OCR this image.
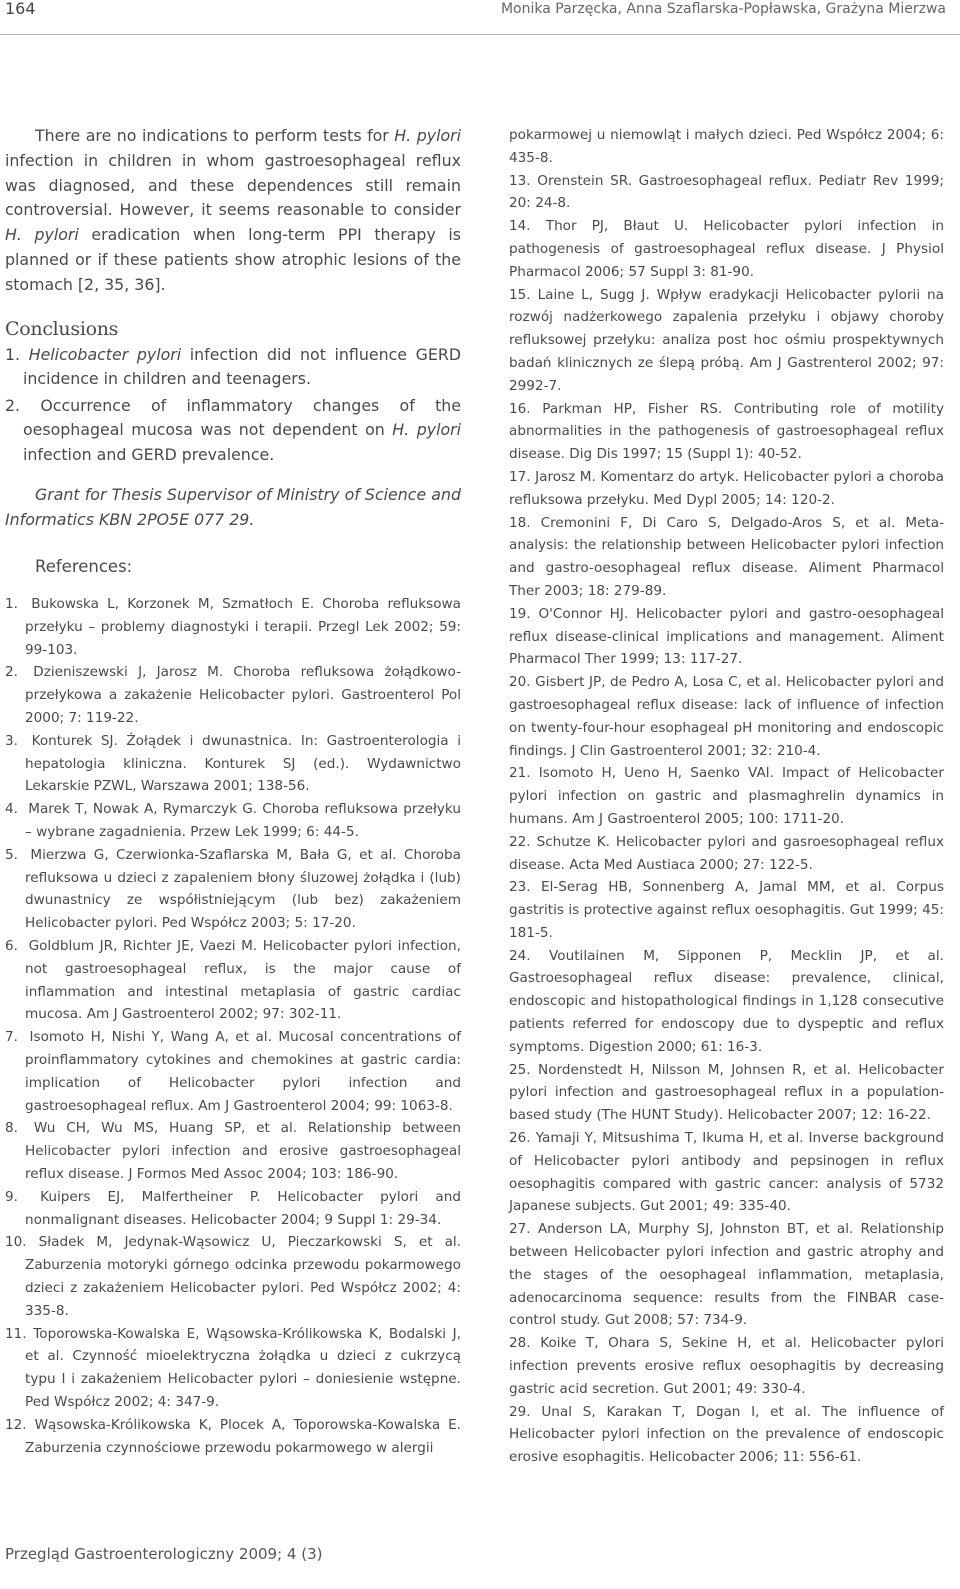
164	Monika Parzęcka, Anna Szaflarska-Popławska, Grażyna Mierzwa

There are no indications to perform tests for H. pylori infection in children in whom gastroesophageal reflux was diagnosed, and these dependences still remain controversial. However, it seems reasonable to consider H. pylori eradication when long-term PPI therapy is planned or if these patients show atrophic lesions of the stomach [2, 35, 36].

Conclusions
1. Helicobacter pylori infection did not influence GERD incidence in children and teenagers.
2. Occurrence of inflammatory changes of the oesophageal mucosa was not dependent on H. pylori infection and GERD prevalence.

Grant for Thesis Supervisor of Ministry of Science and Informatics KBN 2PO5E 077 29.

References:
1. Bukowska L, Korzonek M, Szmatłoch E. Choroba refluksowa przełyku – problemy diagnostyki i terapii. Przegl Lek 2002; 59: 99-103.
2. Dzieniszewski J, Jarosz M. Choroba refluksowa żołądkowo-przełykowa a zakażenie Helicobacter pylori. Gastroenterol Pol 2000; 7: 119-22.
3. Konturek SJ. Żołądek i dwunastnica. In: Gastroenterologia i hepatologia kliniczna. Konturek SJ (ed.). Wydawnictwo Lekarskie PZWL, Warszawa 2001; 138-56.
4. Marek T, Nowak A, Rymarczyk G. Choroba refluksowa przełyku – wybrane zagadnienia. Przew Lek 1999; 6: 44-5.
5. Mierzwa G, Czerwionka-Szaflarska M, Bała G, et al. Choroba refluksowa u dzieci z zapaleniem błony śluzowej żołądka i (lub) dwunastnicy ze współistniejącym (lub bez) zakażeniem Helicobacter pylori. Ped Współcz 2003; 5: 17-20.
6. Goldblum JR, Richter JE, Vaezi M. Helicobacter pylori infection, not gastroesophageal reflux, is the major cause of inflammation and intestinal metaplasia of gastric cardiac mucosa. Am J Gastroenterol 2002; 97: 302-11.
7. Isomoto H, Nishi Y, Wang A, et al. Mucosal concentrations of proinflammatory cytokines and chemokines at gastric cardia: implication of Helicobacter pylori infection and gastroesophageal reflux. Am J Gastroenterol 2004; 99: 1063-8.
8. Wu CH, Wu MS, Huang SP, et al. Relationship between Helicobacter pylori infection and erosive gastroesophageal reflux disease. J Formos Med Assoc 2004; 103: 186-90.
9. Kuipers EJ, Malfertheiner P. Helicobacter pylori and nonmalignant diseases. Helicobacter 2004; 9 Suppl 1: 29-34.
10. Sładek M, Jedynak-Wąsowicz U, Pieczarkowski S, et al. Zaburzenia motoryki górnego odcinka przewodu pokarmowego dzieci z zakażeniem Helicobacter pylori. Ped Współcz 2002; 4: 335-8.
11. Toporowska-Kowalska E, Wąsowska-Królikowska K, Bodalski J, et al. Czynność mioelektryczna żołądka u dzieci z cukrzycą typu I i zakażeniem Helicobacter pylori – doniesienie wstępne. Ped Współcz 2002; 4: 347-9.
12. Wąsowska-Królikowska K, Plocek A, Toporowska-Kowalska E. Zaburzenia czynnościowe przewodu pokarmowego w alergii
pokarmowej u niemowląt i małych dzieci. Ped Współcz 2004; 6: 435-8.
13. Orenstein SR. Gastroesophageal reflux. Pediatr Rev 1999; 20: 24-8.
14. Thor PJ, Błaut U. Helicobacter pylori infection in pathogenesis of gastroesophageal reflux disease. J Physiol Pharmacol 2006; 57 Suppl 3: 81-90.
15. Laine L, Sugg J. Wpływ eradykacji Helicobacter pylorii na rozwój nadżerkowego zapalenia przełyku i objawy choroby refluksowej przełyku: analiza post hoc ośmiu prospektywnych badań klinicznych ze ślepą próbą. Am J Gastrenterol 2002; 97: 2992-7.
16. Parkman HP, Fisher RS. Contributing role of motility abnormalities in the pathogenesis of gastroesophageal reflux disease. Dig Dis 1997; 15 (Suppl 1): 40-52.
17. Jarosz M. Komentarz do artyk. Helicobacter pylori a choroba refluksowa przełyku. Med Dypl 2005; 14: 120-2.
18. Cremonini F, Di Caro S, Delgado-Aros S, et al. Meta-analysis: the relationship between Helicobacter pylori infection and gastro-oesophageal reflux disease. Aliment Pharmacol Ther 2003; 18: 279-89.
19. O'Connor HJ. Helicobacter pylori and gastro-oesophageal reflux disease-clinical implications and management. Aliment Pharmacol Ther 1999; 13: 117-27.
20. Gisbert JP, de Pedro A, Losa C, et al. Helicobacter pylori and gastroesophageal reflux disease: lack of influence of infection on twenty-four-hour esophageal pH monitoring and endoscopic findings. J Clin Gastroenterol 2001; 32: 210-4.
21. Isomoto H, Ueno H, Saenko VAl. Impact of Helicobacter pylori infection on gastric and plasmaghrelin dynamics in humans. Am J Gastroenterol 2005; 100: 1711-20.
22. Schutze K. Helicobacter pylori and gasroesophageal reflux disease. Acta Med Austiaca 2000; 27: 122-5.
23. El-Serag HB, Sonnenberg A, Jamal MM, et al. Corpus gastritis is protective against reflux oesophagitis. Gut 1999; 45: 181-5.
24. Voutilainen M, Sipponen P, Mecklin JP, et al. Gastroesophageal reflux disease: prevalence, clinical, endoscopic and histopathological findings in 1,128 consecutive patients referred for endoscopy due to dyspeptic and reflux symptoms. Digestion 2000; 61: 16-3.
25. Nordenstedt H, Nilsson M, Johnsen R, et al. Helicobacter pylori infection and gastroesophageal reflux in a population-based study (The HUNT Study). Helicobacter 2007; 12: 16-22.
26. Yamaji Y, Mitsushima T, Ikuma H, et al. Inverse background of Helicobacter pylori antibody and pepsinogen in reflux oesophagitis compared with gastric cancer: analysis of 5732 Japanese subjects. Gut 2001; 49: 335-40.
27. Anderson LA, Murphy SJ, Johnston BT, et al. Relationship between Helicobacter pylori infection and gastric atrophy and the stages of the oesophageal inflammation, metaplasia, adenocarcinoma sequence: results from the FINBAR case-control study. Gut 2008; 57: 734-9.
28. Koike T, Ohara S, Sekine H, et al. Helicobacter pylori infection prevents erosive reflux oesophagitis by decreasing gastric acid secretion. Gut 2001; 49: 330-4.
29. Unal S, Karakan T, Dogan I, et al. The influence of Helicobacter pylori infection on the prevalence of endoscopic erosive esophagitis. Helicobacter 2006; 11: 556-61.
Przegląd Gastroenterologiczny 2009; 4 (3)
